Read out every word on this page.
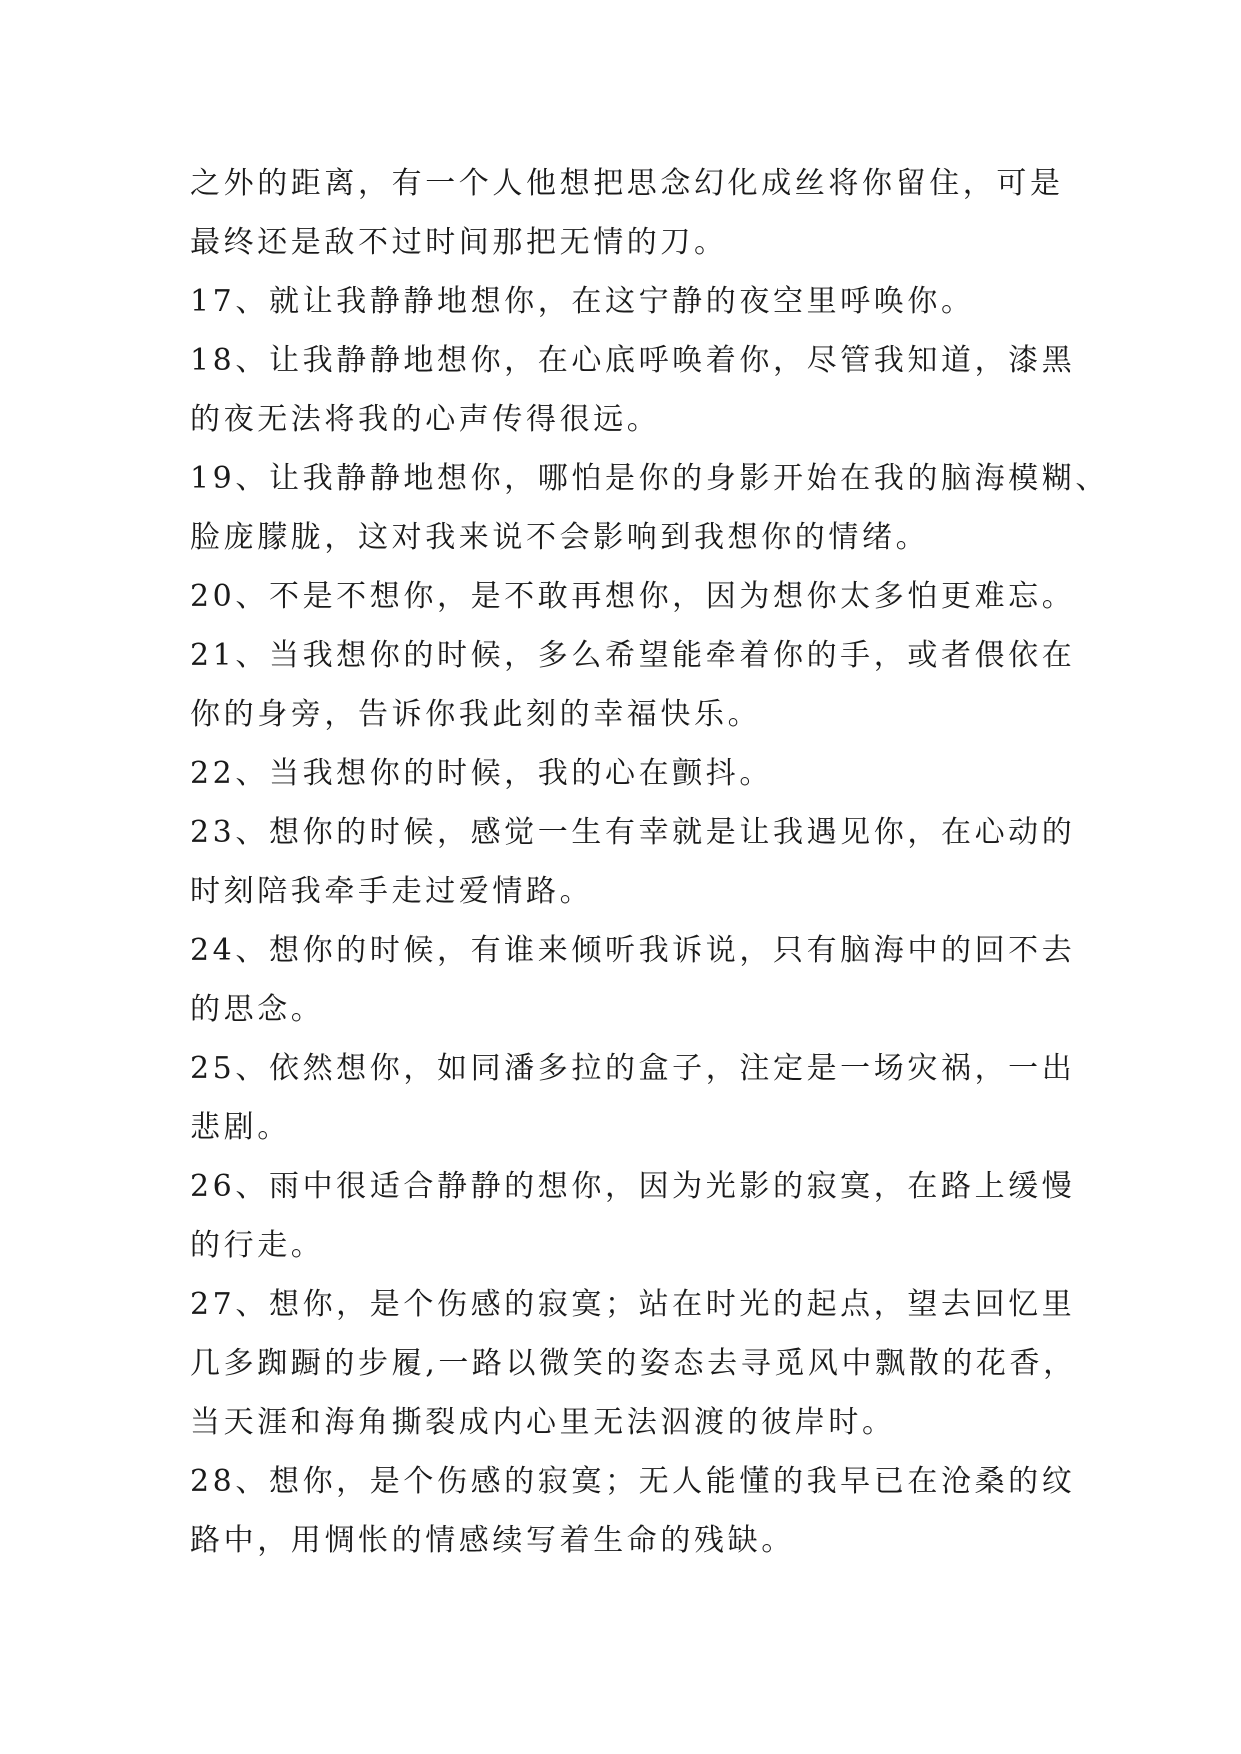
之外的距离，有一个人他想把思念幻化成丝将你留住，可是
最终还是敌不过时间那把无情的刀。
17、就让我静静地想你，在这宁静的夜空里呼唤你。
18、让我静静地想你，在心底呼唤着你，尽管我知道，漆黑
的夜无法将我的心声传得很远。
19、让我静静地想你，哪怕是你的身影开始在我的脑海模糊、
脸庞朦胧，这对我来说不会影响到我想你的情绪。
20、不是不想你，是不敢再想你，因为想你太多怕更难忘。
21、当我想你的时候，多么希望能牵着你的手，或者偎依在
你的身旁，告诉你我此刻的幸福快乐。
22、当我想你的时候，我的心在颤抖。
23、想你的时候，感觉一生有幸就是让我遇见你，在心动的
时刻陪我牵手走过爱情路。
24、想你的时候，有谁来倾听我诉说，只有脑海中的回不去
的思念。
25、依然想你，如同潘多拉的盒子，注定是一场灾祸，一出
悲剧。
26、雨中很适合静静的想你，因为光影的寂寞，在路上缓慢
的行走。
27、想你，是个伤感的寂寞；站在时光的起点，望去回忆里
几多踟蹰的步履,一路以微笑的姿态去寻觅风中飘散的花香，
当天涯和海角撕裂成内心里无法泅渡的彼岸时。
28、想你，是个伤感的寂寞；无人能懂的我早已在沧桑的纹
路中，用惆怅的情感续写着生命的残缺。
